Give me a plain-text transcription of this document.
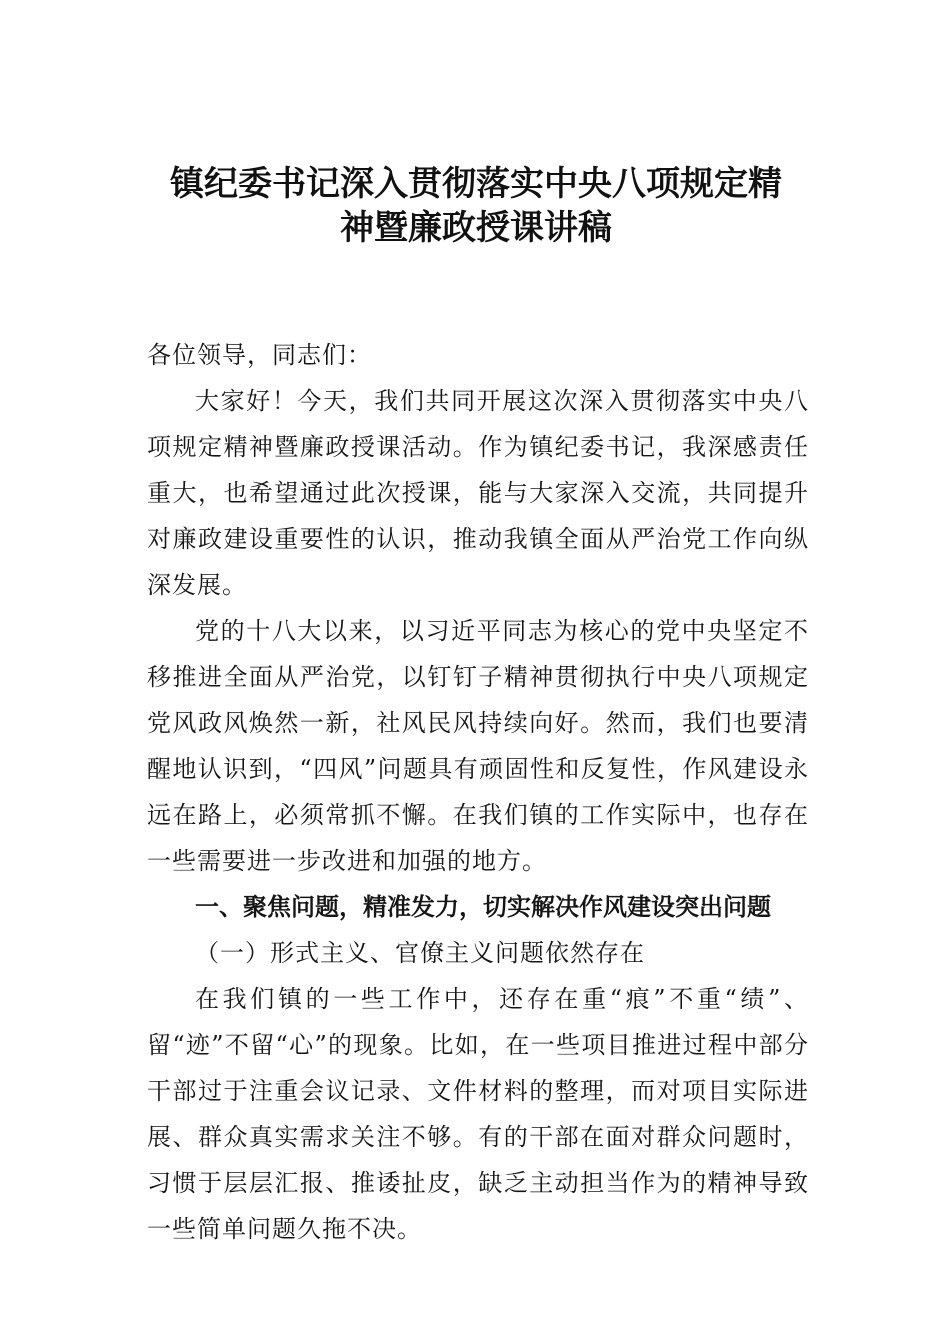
镇纪委书记深入贯彻落实中央八项规定精
神暨廉政授课讲稿

各位领导，同志们：

大家好！今天，我们共同开展这次深入贯彻落实中央八项规定精神暨廉政授课活动。作为镇纪委书记，我深感责任重大，也希望通过此次授课，能与大家深入交流，共同提升对廉政建设重要性的认识，推动我镇全面从严治党工作向纵深发展。

党的十八大以来，以习近平同志为核心的党中央坚定不移推进全面从严治党，以钉钉子精神贯彻执行中央八项规定党风政风焕然一新，社风民风持续向好。然而，我们也要清醒地认识到，“四风”问题具有顽固性和反复性，作风建设永远在路上，必须常抓不懈。在我们镇的工作实际中，也存在一些需要进一步改进和加强的地方。

一、聚焦问题，精准发力，切实解决作风建设突出问题

（一）形式主义、官僚主义问题依然存在

在我们镇的一些工作中，还存在重“痕”不重“绩”、留“迹”不留“心”的现象。比如，在一些项目推进过程中部分干部过于注重会议记录、文件材料的整理，而对项目实际进展、群众真实需求关注不够。有的干部在面对群众问题时，习惯于层层汇报、推诿扯皮，缺乏主动担当作为的精神导致一些简单问题久拖不决。
